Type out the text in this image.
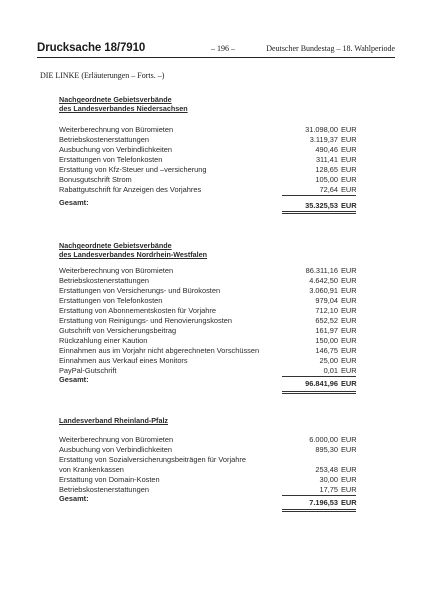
Drucksache 18/7910	– 196 –	Deutscher Bundestag – 18. Wahlperiode
DIE LINKE (Erläuterungen – Forts. –)
Nachgeordnete Gebietsverbände
des Landesverbandes Niedersachsen
Weiterberechnung von Büromieten	31.098,00 EUR
Betriebskostenerstattungen	3.119,37 EUR
Ausbuchung von Verbindlichkeiten	490,46 EUR
Erstattungen von Telefonkosten	311,41 EUR
Erstattung von Kfz-Steuer und –versicherung	128,65 EUR
Bonusgutschrift Strom	105,00 EUR
Rabattgutschrift für Anzeigen des Vorjahres	72,64 EUR
Gesamt:	35.325,53 EUR
Nachgeordnete Gebietsverbände
des Landesverbandes Nordrhein-Westfalen
Weiterberechnung von Büromieten	86.311,16 EUR
Betriebskostenerstattungen	4.642,50 EUR
Erstattungen von Versicherungs- und Bürokosten	3.060,91 EUR
Erstattungen von Telefonkosten	979,04 EUR
Erstattung von Abonnementskosten für Vorjahre	712,10 EUR
Erstattung von Reinigungs- und Renovierungskosten	652,52 EUR
Gutschrift von Versicherungsbeitrag	161,97 EUR
Rückzahlung einer Kaution	150,00 EUR
Einnahmen aus im Vorjahr nicht abgerechneten Vorschüssen	146,75 EUR
Einnahmen aus Verkauf eines Monitors	25,00 EUR
PayPal-Gutschrift	0,01 EUR
Gesamt:	96.841,96 EUR
Landesverband Rheinland-Pfalz
Weiterberechnung von Büromieten	6.000,00 EUR
Ausbuchung von Verbindlichkeiten	895,30 EUR
Erstattung von Sozialversicherungsbeiträgen für Vorjahre
von Krankenkassen	253,48 EUR
Erstattung von Domain-Kosten	30,00 EUR
Betriebskostenerstattungen	17,75 EUR
Gesamt:	7.196,53 EUR
